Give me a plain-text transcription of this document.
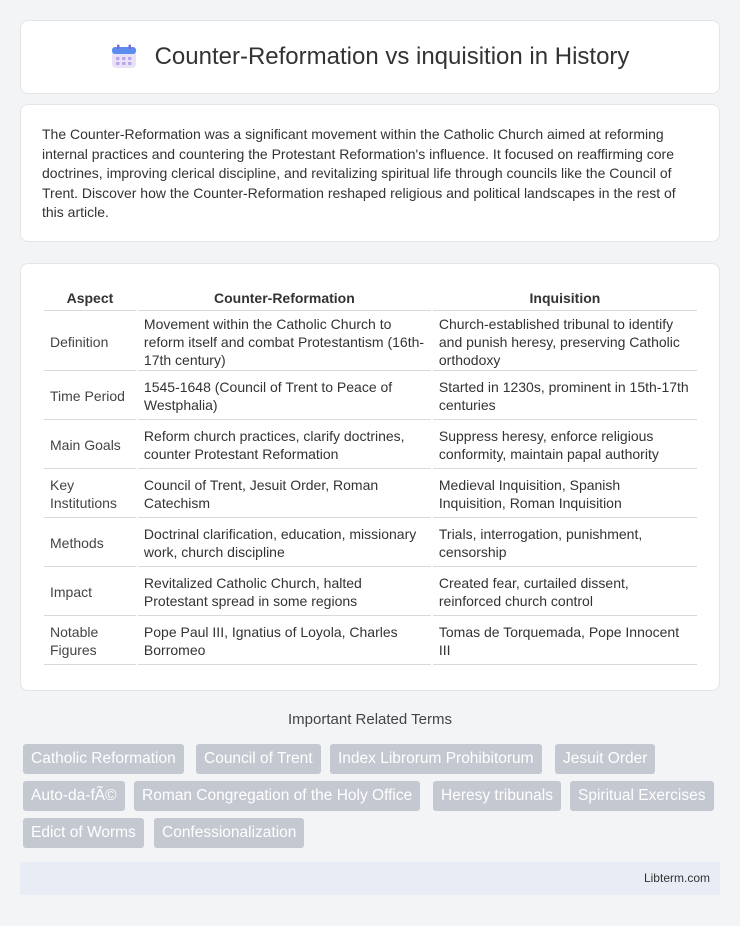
Counter-Reformation vs inquisition in History

The Counter-Reformation was a significant movement within the Catholic Church aimed at reforming internal practices and countering the Protestant Reformation's influence. It focused on reaffirming core doctrines, improving clerical discipline, and revitalizing spiritual life through councils like the Council of Trent. Discover how the Counter-Reformation reshaped religious and political landscapes in the rest of this article.

Aspect	Counter-Reformation	Inquisition
Definition	Movement within the Catholic Church to reform itself and combat Protestantism (16th-17th century)	Church-established tribunal to identify and punish heresy, preserving Catholic orthodoxy
Time Period	1545-1648 (Council of Trent to Peace of Westphalia)	Started in 1230s, prominent in 15th-17th centuries
Main Goals	Reform church practices, clarify doctrines, counter Protestant Reformation	Suppress heresy, enforce religious conformity, maintain papal authority
Key Institutions	Council of Trent, Jesuit Order, Roman Catechism	Medieval Inquisition, Spanish Inquisition, Roman Inquisition
Methods	Doctrinal clarification, education, missionary work, church discipline	Trials, interrogation, punishment, censorship
Impact	Revitalized Catholic Church, halted Protestant spread in some regions	Created fear, curtailed dissent, reinforced church control
Notable Figures	Pope Paul III, Ignatius of Loyola, Charles Borromeo	Tomas de Torquemada, Pope Innocent III
Important Related Terms
Catholic Reformation	Council of Trent	Index Librorum Prohibitorum	Jesuit Order
Auto-da-fÃ©	Roman Congregation of the Holy Office	Heresy tribunals	Spiritual Exercises
Edict of Worms	Confessionalization
Libterm.com
